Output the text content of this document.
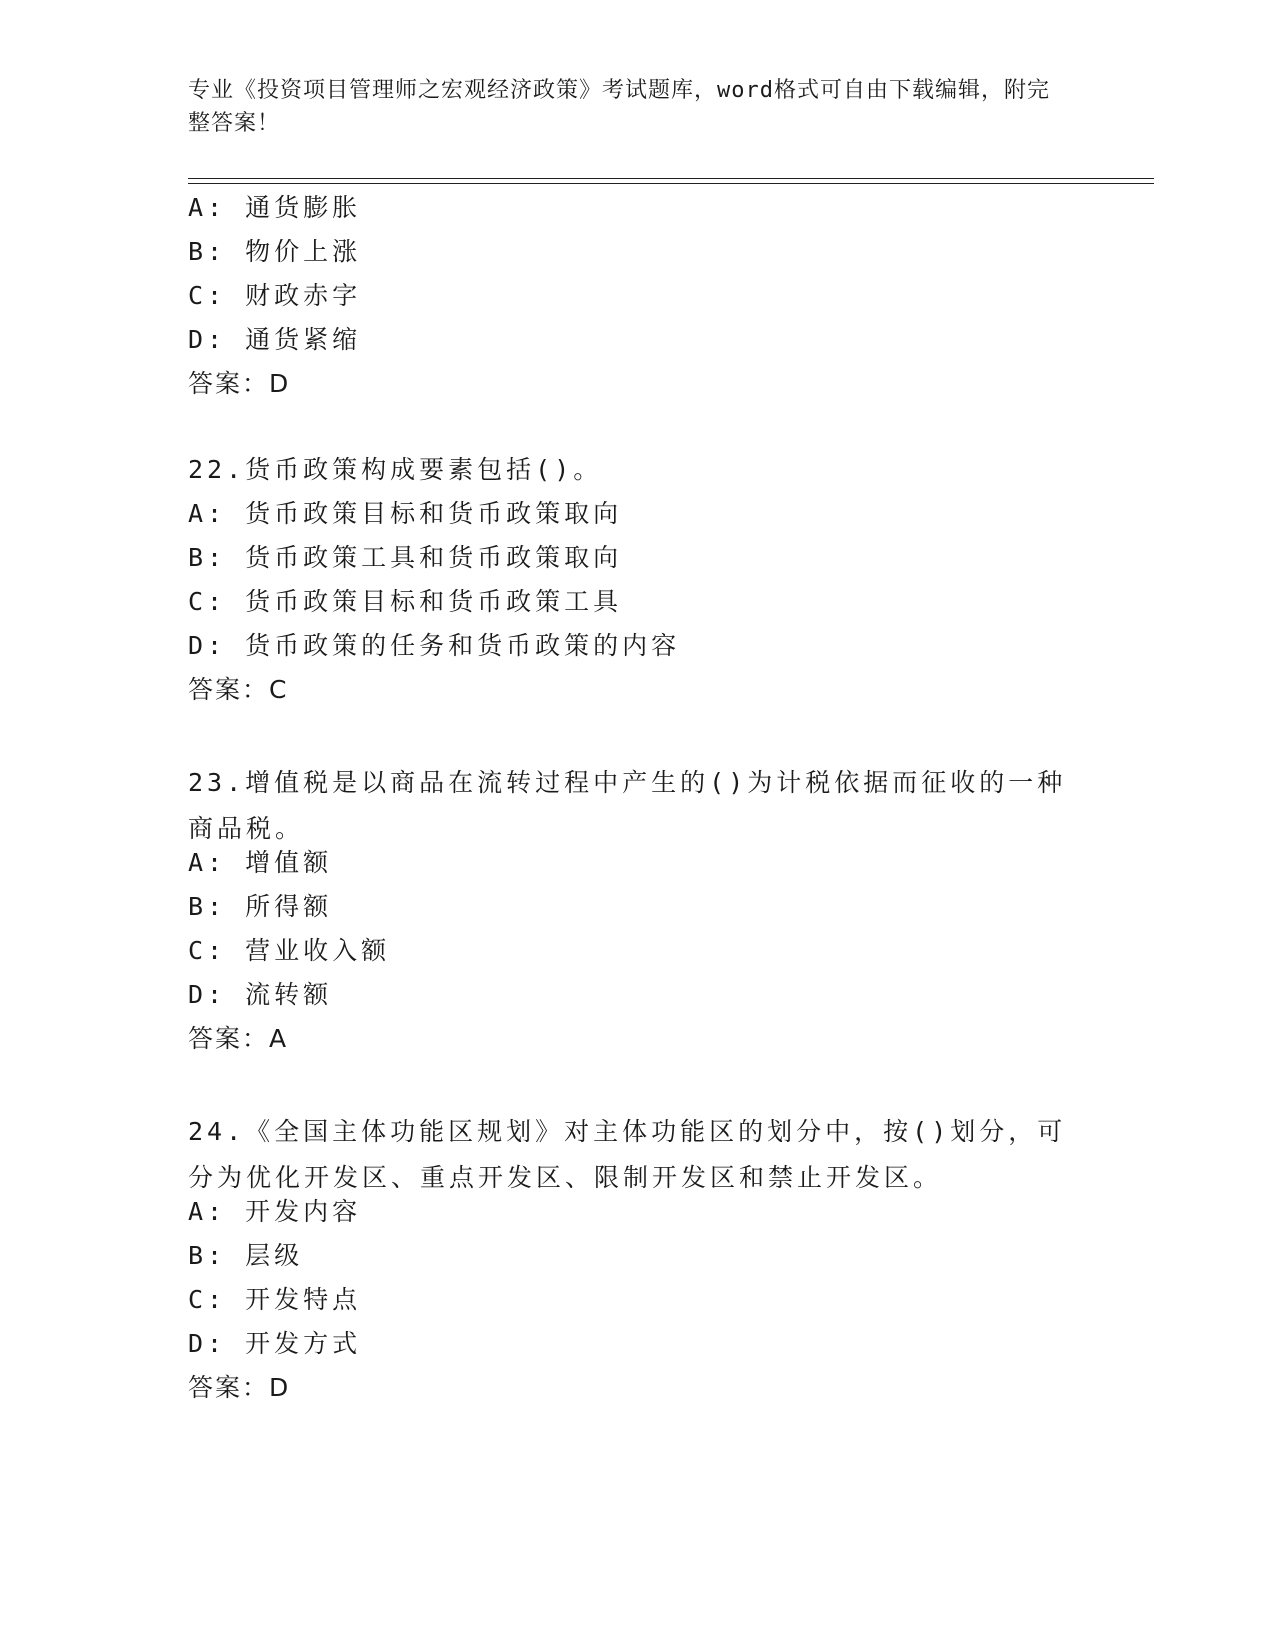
专业《投资项目管理师之宏观经济政策》考试题库，word格式可自由下载编辑，附完整答案！
A: 通货膨胀
B: 物价上涨
C: 财政赤字
D: 通货紧缩
答案：D
22.货币政策构成要素包括()。
A: 货币政策目标和货币政策取向
B: 货币政策工具和货币政策取向
C: 货币政策目标和货币政策工具
D: 货币政策的任务和货币政策的内容
答案：C
23.增值税是以商品在流转过程中产生的()为计税依据而征收的一种商品税。
A: 增值额
B: 所得额
C: 营业收入额
D: 流转额
答案：A
24.《全国主体功能区规划》对主体功能区的划分中，按()划分，可分为优化开发区、重点开发区、限制开发区和禁止开发区。
A: 开发内容
B: 层级
C: 开发特点
D: 开发方式
答案：D
